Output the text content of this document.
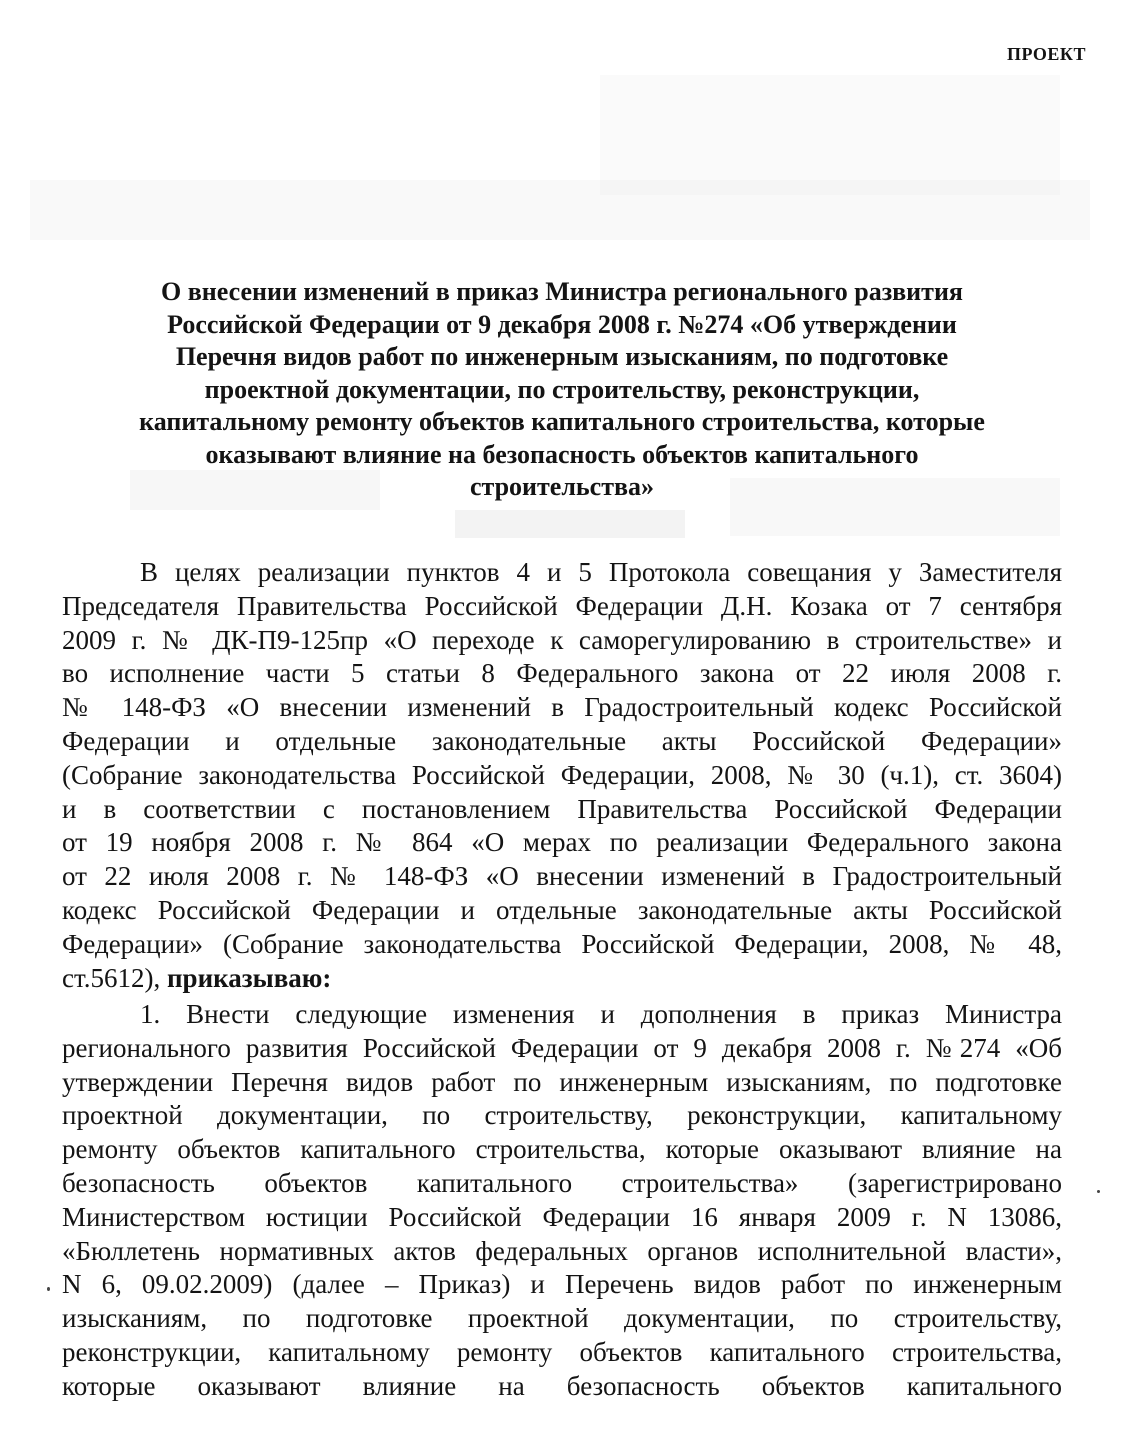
ПРОЕКТ
О внесении изменений в приказ Министра регионального развития
Российской Федерации от 9 декабря 2008 г. №274 «Об утверждении
Перечня видов работ по инженерным изысканиям, по подготовке
проектной документации, по строительству, реконструкции,
капитальному ремонту объектов капитального строительства, которые
оказывают влияние на безопасность объектов капитального
строительства»
В целях реализации пунктов 4 и 5 Протокола совещания у Заместителя
Председателя Правительства Российской Федерации Д.Н. Козака от 7 сентября
2009 г. № ДК-П9-125пр «О переходе к саморегулированию в строительстве» и
во исполнение части 5 статьи 8 Федерального закона от 22 июля 2008 г.
№ 148-ФЗ «О внесении изменений в Градостроительный кодекс Российской
Федерации и отдельные законодательные акты Российской Федерации»
(Собрание законодательства Российской Федерации, 2008, № 30 (ч.1), ст. 3604)
и в соответствии с постановлением Правительства Российской Федерации
от 19 ноября 2008 г. № 864 «О мерах по реализации Федерального закона
от 22 июля 2008 г. № 148-ФЗ «О внесении изменений в Градостроительный
кодекс Российской Федерации и отдельные законодательные акты Российской
Федерации» (Собрание законодательства Российской Федерации, 2008, № 48,
ст.5612), приказываю:
1. Внести следующие изменения и дополнения в приказ Министра
регионального развития Российской Федерации от 9 декабря 2008 г. №274 «Об
утверждении Перечня видов работ по инженерным изысканиям, по подготовке
проектной документации, по строительству, реконструкции, капитальному
ремонту объектов капитального строительства, которые оказывают влияние на
безопасность объектов капитального строительства» (зарегистрировано
Министерством юстиции Российской Федерации 16 января 2009 г. N 13086,
«Бюллетень нормативных актов федеральных органов исполнительной власти»,
N 6, 09.02.2009) (далее – Приказ) и Перечень видов работ по инженерным
изысканиям, по подготовке проектной документации, по строительству,
реконструкции, капитальному ремонту объектов капитального строительства,
которые оказывают влияние на безопасность объектов капитального
